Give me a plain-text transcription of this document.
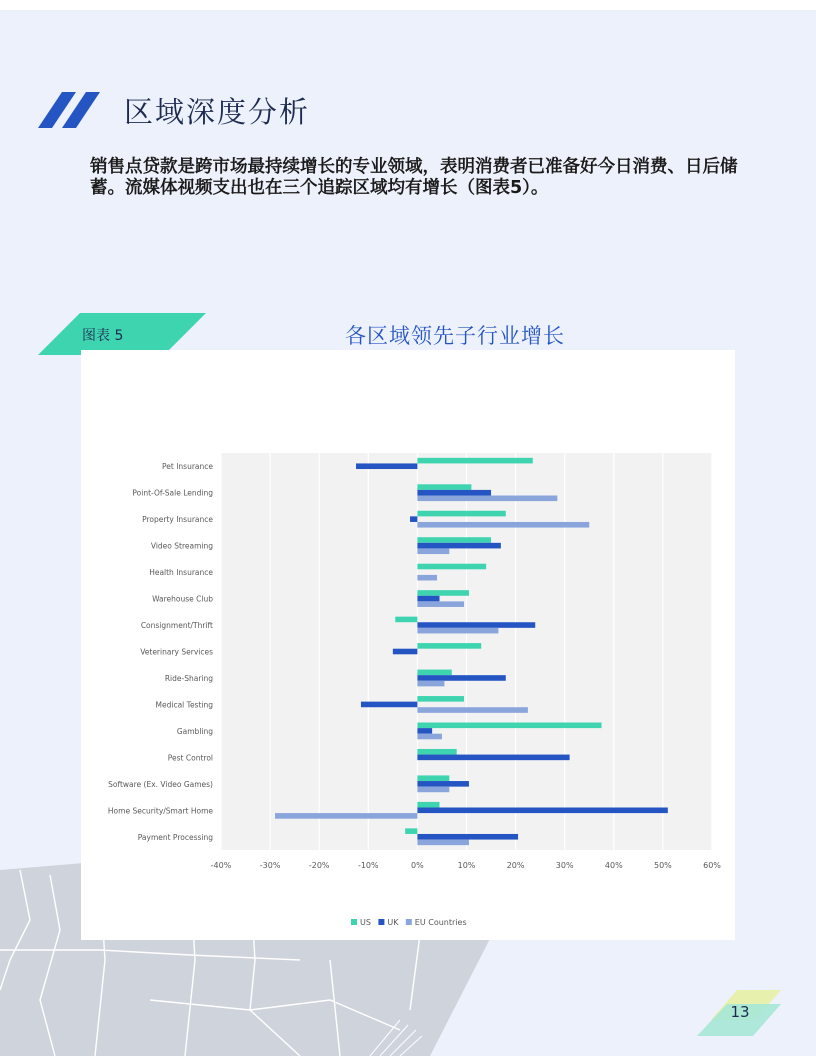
区域深度分析

销售点贷款是跨市场最持续增长的专业领域，表明消费者已准备好今日消费、日后储蓄。流媒体视频支出也在三个追踪区域均有增长（图表5）。

图表 5	各区域领先子行业增长
-40%	-30%	-20%	-10%	0%	10%	20%	30%	40%	50%	60%
Pet Insurance
Point-Of-Sale Lending
Property Insurance
Video Streaming
Health Insurance
Warehouse Club
Consignment/Thrift
Veterinary Services
Ride-Sharing
Medical Testing
Gambling
Pest Control
Software (Ex. Video Games)
Home Security/Smart Home
Payment Processing
US UK EU Countries
13
